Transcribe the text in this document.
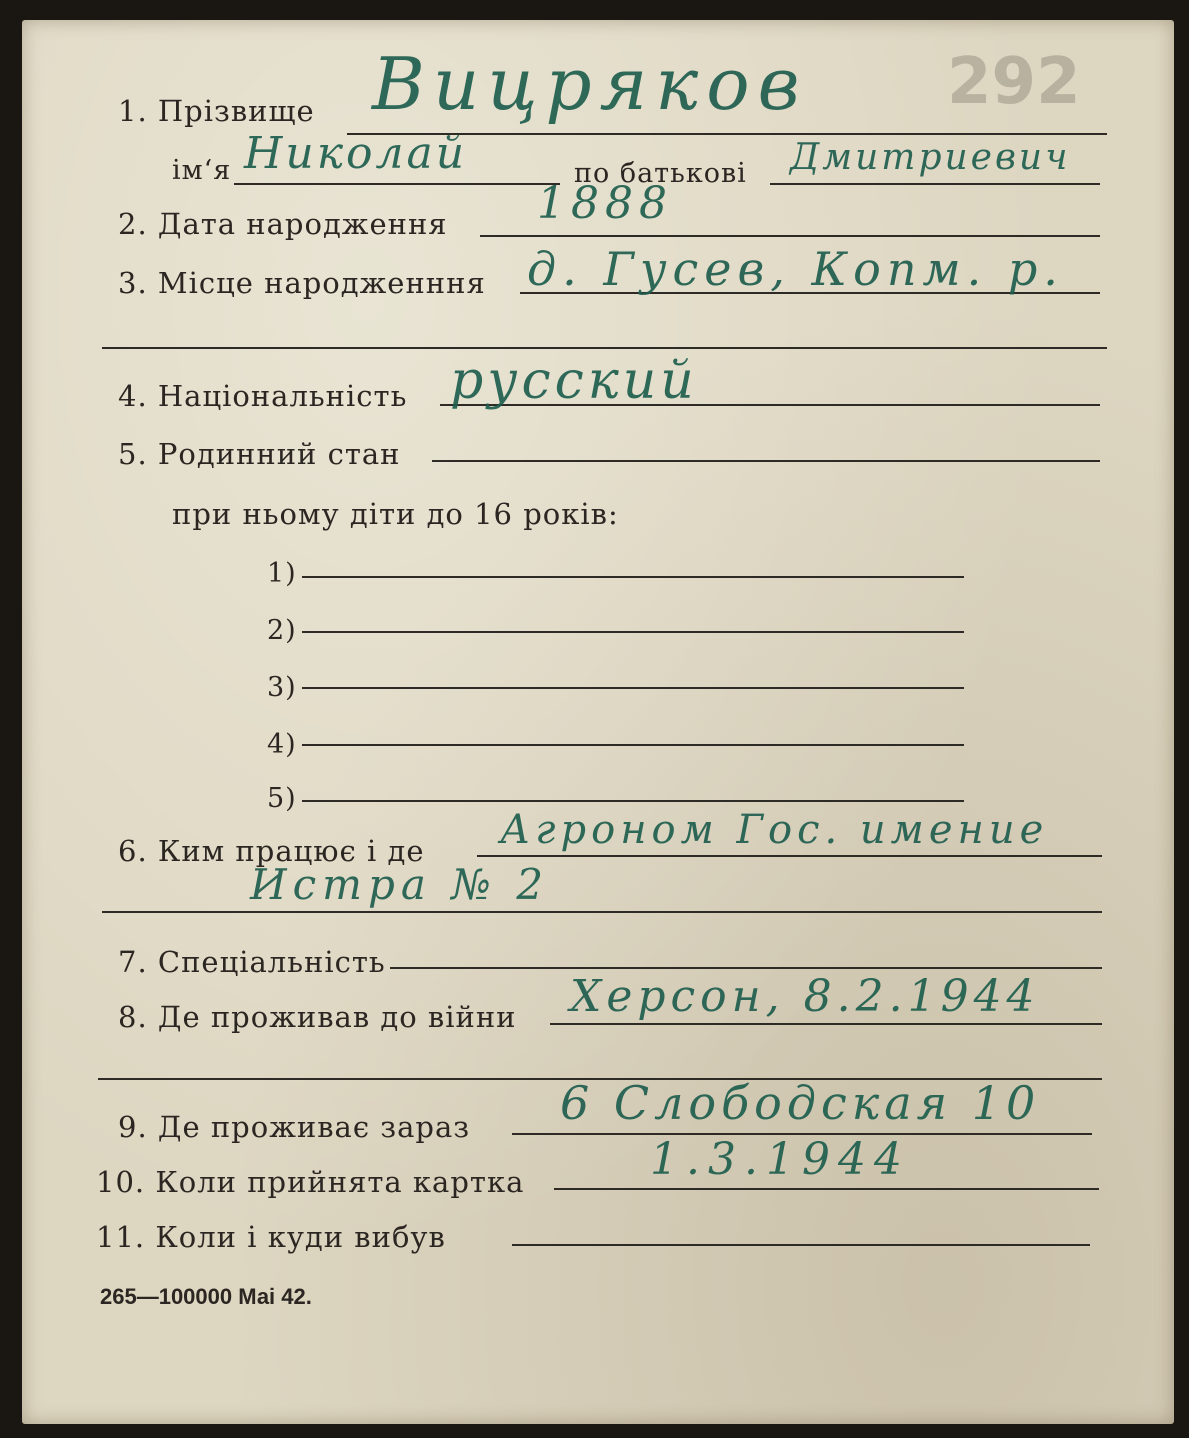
1. Прізвище Вицряков 292
ім‘я Николай	по батькові Дмитриевич
2. Дата народження 1888
3. Місце народженння д. Гусев, Копм. р.
4. Національність русский
5. Родинний стан
при ньому діти до 16 років:
1)
2)
3)
4)
5)
6. Ким працює і де Агроном Гос. имение
Истра № 2
7. Спеціальність
8. Де проживав до війни Херсон, 8.2.1944
9. Де проживає зараз 6 Слободская 10
10. Коли прийнята картка	1.3.1944
11. Коли і куди вибув
265—100000 Маі 42.
